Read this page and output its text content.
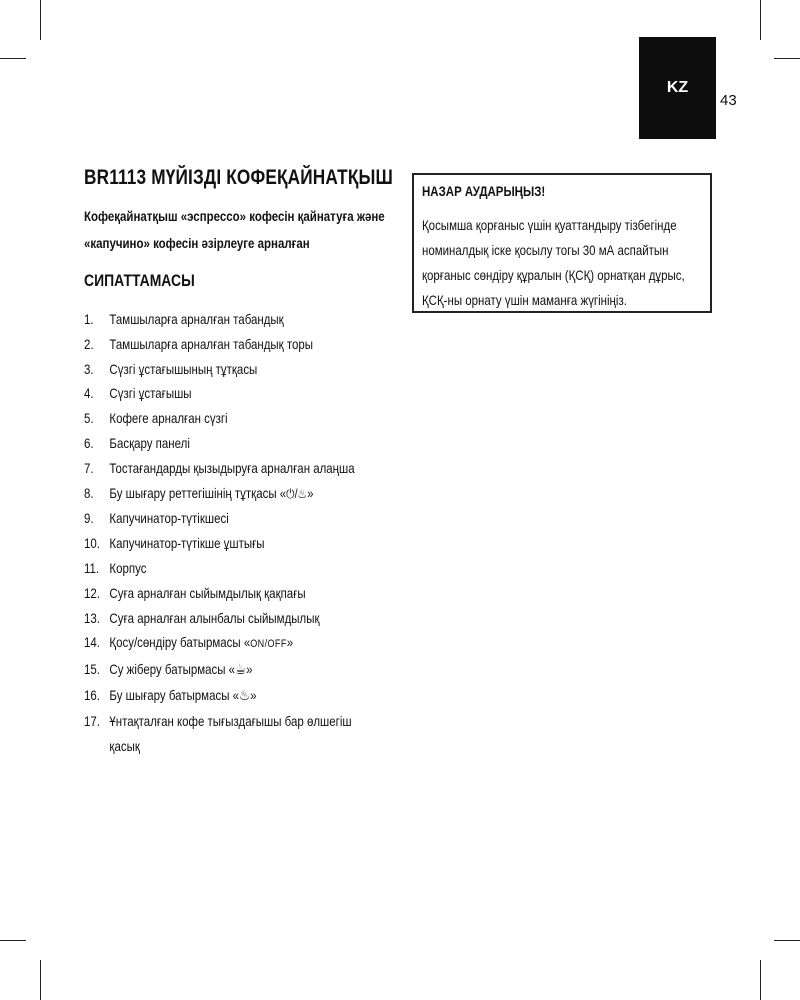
KZ
43
BR1113 МҮЙІЗДІ КОФЕҚАЙНАТҚЫШ

Кофеқайнатқыш «эспрессо» кофесін қайнатуға және «капучино» кофесін әзірлеуге арналған

СИПАТТАМАСЫ
1.	Тамшыларға арналған табандық
2.	Тамшыларға арналған табандық торы
3.	Сүзгі ұстағышының тұтқасы
4.	Сүзгі ұстағышы
5.	Кофеге арналған сүзгі
6.	Басқару панелі
7.	Тостағандарды қызыдыруға арналған алаңша
8.	Бу шығару реттегішінің тұтқасы «⏻/♨»
9.	Капучинатор-түтікшесі
10. Капучинатор-түтікше ұштығы
11. Корпус
12. Суға арналған сыйымдылық қақпағы
13. Суға арналған алынбалы сыйымдылық
14. Қосу/сөндіру батырмасы «ON/OFF»
15. Су жіберу батырмасы «☕»
16. Бу шығару батырмасы «♨»
17. Ұнтақталған кофе тығыздағышы бар өлшегіш қасық

НАЗАР АУДАРЫҢЫЗ!

Қосымша қорғаныс үшін қуаттандыру тізбегінде номиналдық іске қосылу тогы 30 мА аспайтын қорғаныс сөндіру құралын (ҚСҚ) орнатқан дұрыс, ҚСҚ-ны орнату үшін маманға жүгініңіз.
